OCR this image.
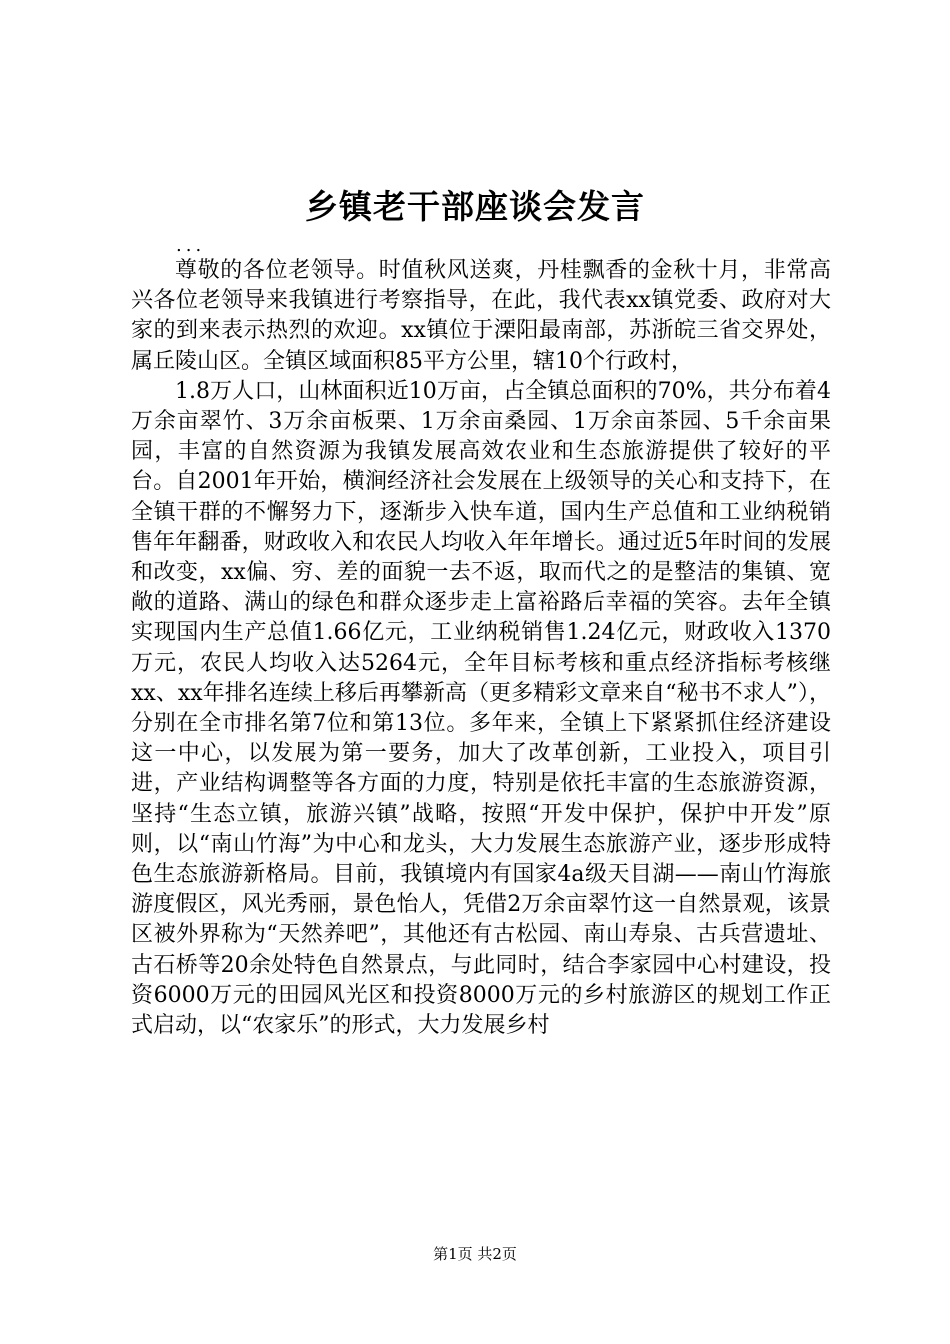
乡镇老干部座谈会发言
...

尊敬的各位老领导。时值秋风送爽，丹桂飘香的金秋十月，非常高兴各位老领导来我镇进行考察指导，在此，我代表xx镇党委、政府对大家的到来表示热烈的欢迎。xx镇位于溧阳最南部，苏浙皖三省交界处，属丘陵山区。全镇区域面积85平方公里，辖10个行政村，

1.8万人口，山林面积近10万亩，占全镇总面积的70%，共分布着4万余亩翠竹、3万余亩板栗、1万余亩桑园、1万余亩茶园、5千余亩果园，丰富的自然资源为我镇发展高效农业和生态旅游提供了较好的平台。自2001年开始，横涧经济社会发展在上级领导的关心和支持下，在全镇干群的不懈努力下，逐渐步入快车道，国内生产总值和工业纳税销售年年翻番，财政收入和农民人均收入年年增长。通过近5年时间的发展和改变，xx偏、穷、差的面貌一去不返，取而代之的是整洁的集镇、宽敞的道路、满山的绿色和群众逐步走上富裕路后幸福的笑容。去年全镇实现国内生产总值1.66亿元，工业纳税销售1.24亿元，财政收入1370万元，农民人均收入达5264元，全年目标考核和重点经济指标考核继xx、xx年排名连续上移后再攀新高（更多精彩文章来自“秘书不求人”），分别在全市排名第7位和第13位。多年来，全镇上下紧紧抓住经济建设这一中心，以发展为第一要务，加大了改革创新，工业投入，项目引进，产业结构调整等各方面的力度，特别是依托丰富的生态旅游资源，坚持“生态立镇，旅游兴镇”战略，按照“开发中保护，保护中开发”原则，以“南山竹海”为中心和龙头，大力发展生态旅游产业，逐步形成特色生态旅游新格局。目前，我镇境内有国家4a级天目湖——南山竹海旅游度假区，风光秀丽，景色怡人，凭借2万余亩翠竹这一自然景观，该景区被外界称为“天然养吧”，其他还有古松园、南山寿泉、古兵营遗址、古石桥等20余处特色自然景点，与此同时，结合李家园中心村建设，投资6000万元的田园风光区和投资8000万元的乡村旅游区的规划工作正式启动，以“农家乐”的形式，大力发展乡村

第1页 共2页
